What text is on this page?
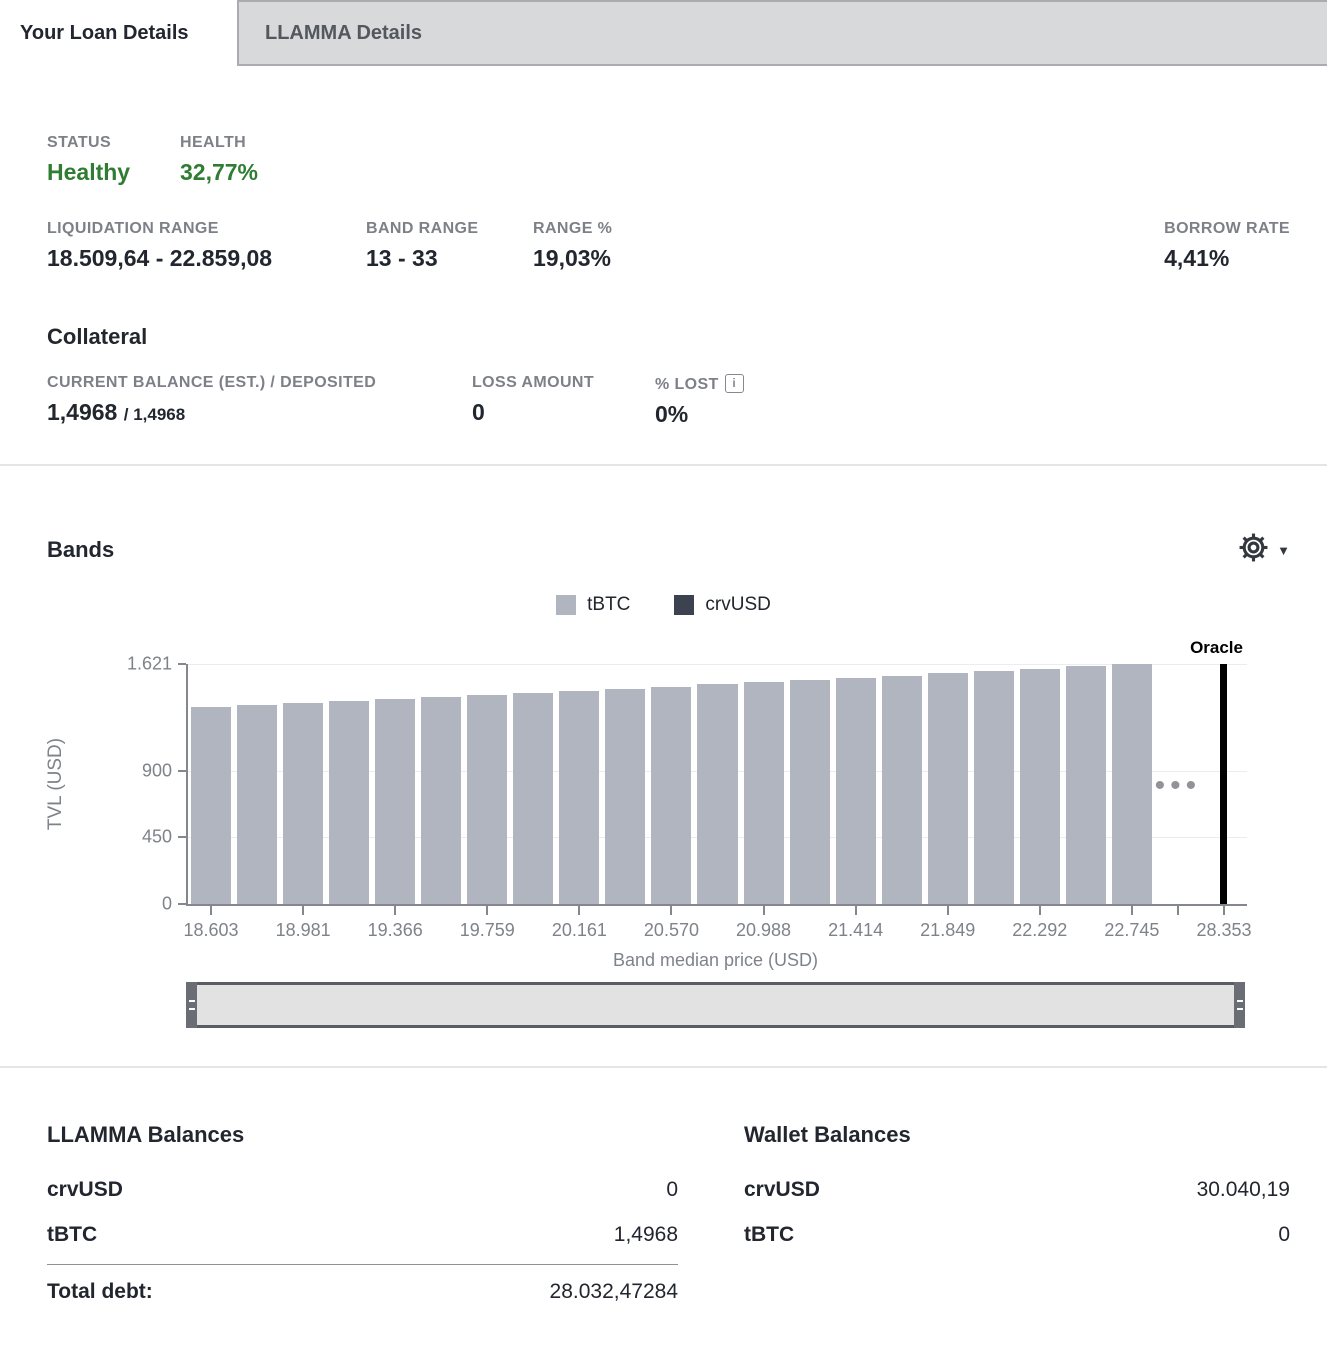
Your Loan Details	LLAMMA Details
STATUS
Healthy
HEALTH
32,77%
LIQUIDATION RANGE
18.509,64 - 22.859,08
BAND RANGE
13 - 33
RANGE %
19,03%
BORROW RATE
4,41%
Collateral
CURRENT BALANCE (EST.) / DEPOSITED
1,4968 / 1,4968
LOSS AMOUNT
0
% LOST i
0%
Bands	▼
tBTC	crvUSD
Oracle
TVL (USD)
0
450
900
1.621
18.603 18.981 19.366 19.759 20.161 20.570 20.988 21.414 21.849 22.292 22.745 28.353
•••
Band median price (USD)
LLAMMA Balances
crvUSD	0
tBTC	1,4968
Total debt:	28.032,47284
Wallet Balances
crvUSD	30.040,19
tBTC	0
